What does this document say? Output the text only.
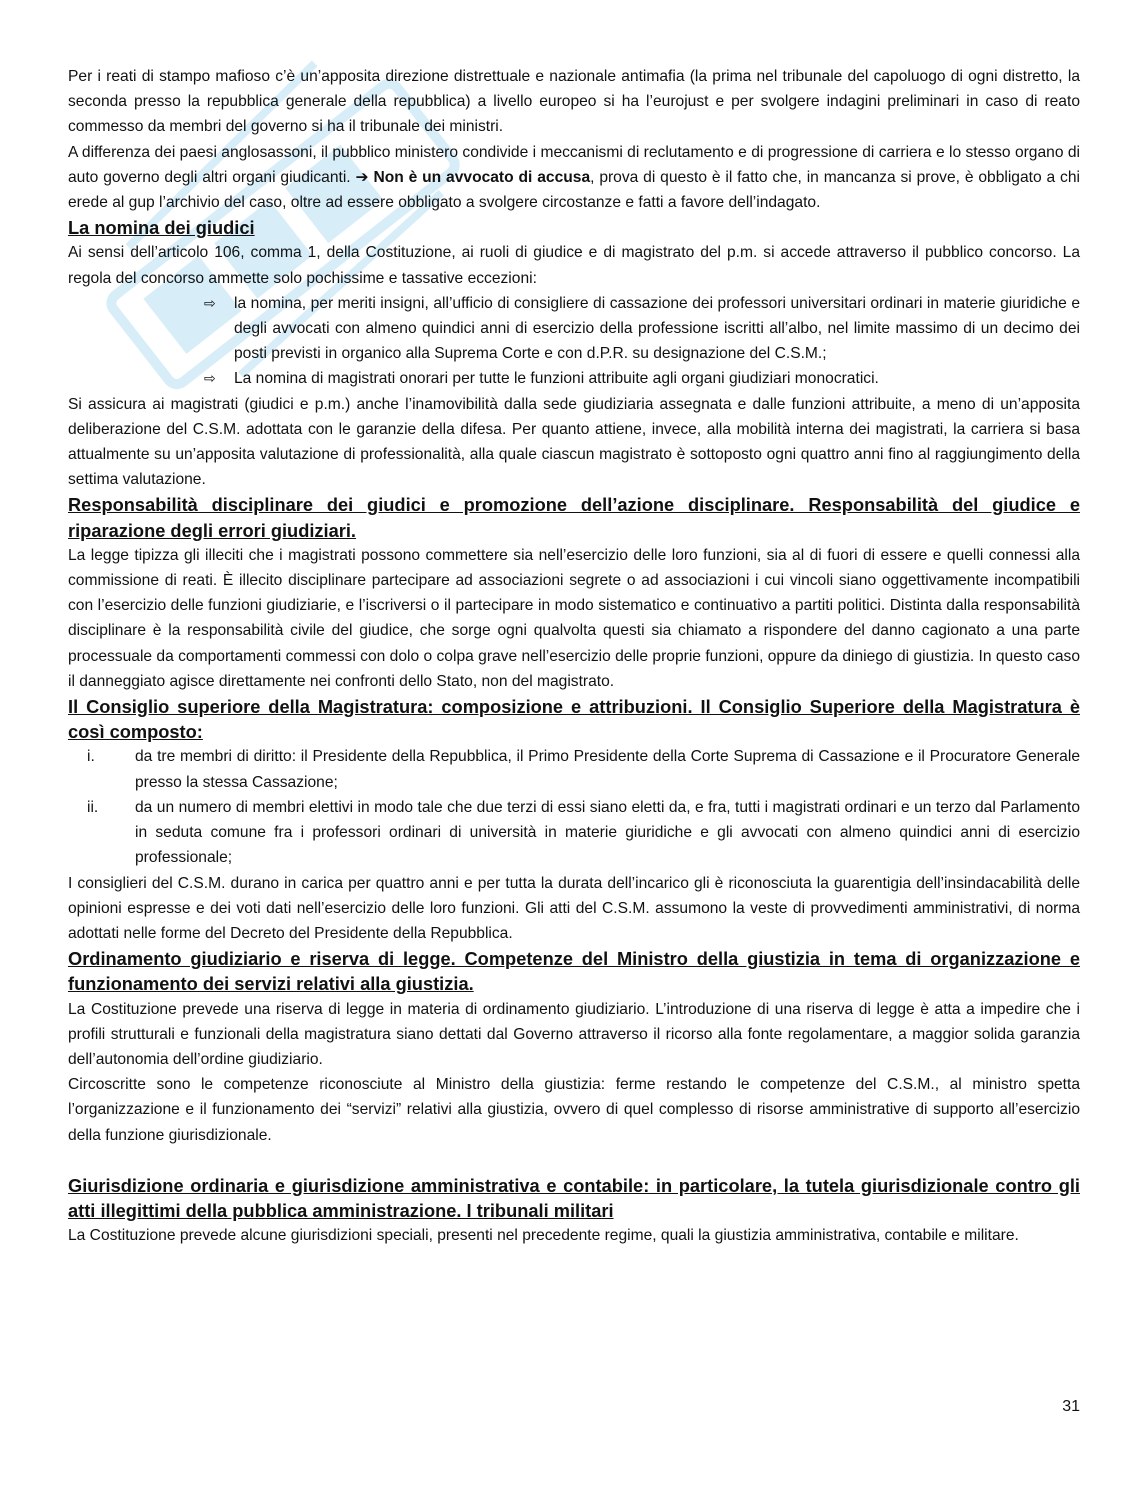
Per i reati di stampo mafioso c’è un’apposita direzione distrettuale e nazionale antimafia (la prima nel tribunale del capoluogo di ogni distretto, la seconda presso la repubblica generale della repubblica) a livello europeo si ha l’eurojust e per svolgere indagini preliminari in caso di reato commesso da membri del governo si ha il tribunale dei ministri.

A differenza dei paesi anglosassoni, il pubblico ministero condivide i meccanismi di reclutamento e di progressione di carriera e lo stesso organo di auto governo degli altri organi giudicanti. ➔ Non è un avvocato di accusa, prova di questo è il fatto che, in mancanza si prove, è obbligato a chi erede al gup l’archivio del caso, oltre ad essere obbligato a svolgere circostanze e fatti a favore dell’indagato.

La nomina dei giudici

Ai sensi dell’articolo 106, comma 1, della Costituzione, ai ruoli di giudice e di magistrato del p.m. si accede attraverso il pubblico concorso. La regola del concorso ammette solo pochissime e tassative eccezioni:

⇨ la nomina, per meriti insigni, all’ufficio di consigliere di cassazione dei professori universitari ordinari in materie giuridiche e degli avvocati con almeno quindici anni di esercizio della professione iscritti all’albo, nel limite massimo di un decimo dei posti previsti in organico alla Suprema Corte e con d.P.R. su designazione del C.S.M.;
⇨ La nomina di magistrati onorari per tutte le funzioni attribuite agli organi giudiziari monocratici.

Si assicura ai magistrati (giudici e p.m.) anche l’inamovibilità dalla sede giudiziaria assegnata e dalle funzioni attribuite, a meno di un’apposita deliberazione del C.S.M. adottata con le garanzie della difesa. Per quanto attiene, invece, alla mobilità interna dei magistrati, la carriera si basa attualmente su un’apposita valutazione di professionalità, alla quale ciascun magistrato è sottoposto ogni quattro anni fino al raggiungimento della settima valutazione.

Responsabilità disciplinare dei giudici e promozione dell’azione disciplinare. Responsabilità del giudice e riparazione degli errori giudiziari.

La legge tipizza gli illeciti che i magistrati possono commettere sia nell’esercizio delle loro funzioni, sia al di fuori di essere e quelli connessi alla commissione di reati. È illecito disciplinare partecipare ad associazioni segrete o ad associazioni i cui vincoli siano oggettivamente incompatibili con l’esercizio delle funzioni giudiziarie, e l’iscriversi o il partecipare in modo sistematico e continuativo a partiti politici. Distinta dalla responsabilità disciplinare è la responsabilità civile del giudice, che sorge ogni qualvolta questi sia chiamato a rispondere del danno cagionato a una parte processuale da comportamenti commessi con dolo o colpa grave nell’esercizio delle proprie funzioni, oppure da diniego di giustizia. In questo caso il danneggiato agisce direttamente nei confronti dello Stato, non del magistrato.

Il Consiglio superiore della Magistratura: composizione e attribuzioni. Il Consiglio Superiore della Magistratura è così composto:
i.	da tre membri di diritto: il Presidente della Repubblica, il Primo Presidente della Corte Suprema di Cassazione e il Procuratore Generale presso la stessa Cassazione;
ii. da un numero di membri elettivi in modo tale che due terzi di essi siano eletti da, e fra, tutti i magistrati ordinari e un terzo dal Parlamento in seduta comune fra i professori ordinari di università in materie giuridiche e gli avvocati con almeno quindici anni di esercizio professionale;

I consiglieri del C.S.M. durano in carica per quattro anni e per tutta la durata dell’incarico gli è riconosciuta la guarentigia dell’insindacabilità delle opinioni espresse e dei voti dati nell’esercizio delle loro funzioni. Gli atti del C.S.M. assumono la veste di provvedimenti amministrativi, di norma adottati nelle forme del Decreto del Presidente della Repubblica.

Ordinamento giudiziario e riserva di legge. Competenze del Ministro della giustizia in tema di organizzazione e funzionamento dei servizi relativi alla giustizia.

La Costituzione prevede una riserva di legge in materia di ordinamento giudiziario. L’introduzione di una riserva di legge è atta a impedire che i profili strutturali e funzionali della magistratura siano dettati dal Governo attraverso il ricorso alla fonte regolamentare, a maggior solida garanzia dell’autonomia dell’ordine giudiziario.

Circoscritte sono le competenze riconosciute al Ministro della giustizia: ferme restando le competenze del C.S.M., al ministro spetta l’organizzazione e il funzionamento dei “servizi” relativi alla giustizia, ovvero di quel complesso di risorse amministrative di supporto all’esercizio della funzione giurisdizionale.

Giurisdizione ordinaria e giurisdizione amministrativa e contabile: in particolare, la tutela giurisdizionale contro gli atti illegittimi della pubblica amministrazione. I tribunali militari

La Costituzione prevede alcune giurisdizioni speciali, presenti nel precedente regime, quali la giustizia amministrativa, contabile e militare.

31
